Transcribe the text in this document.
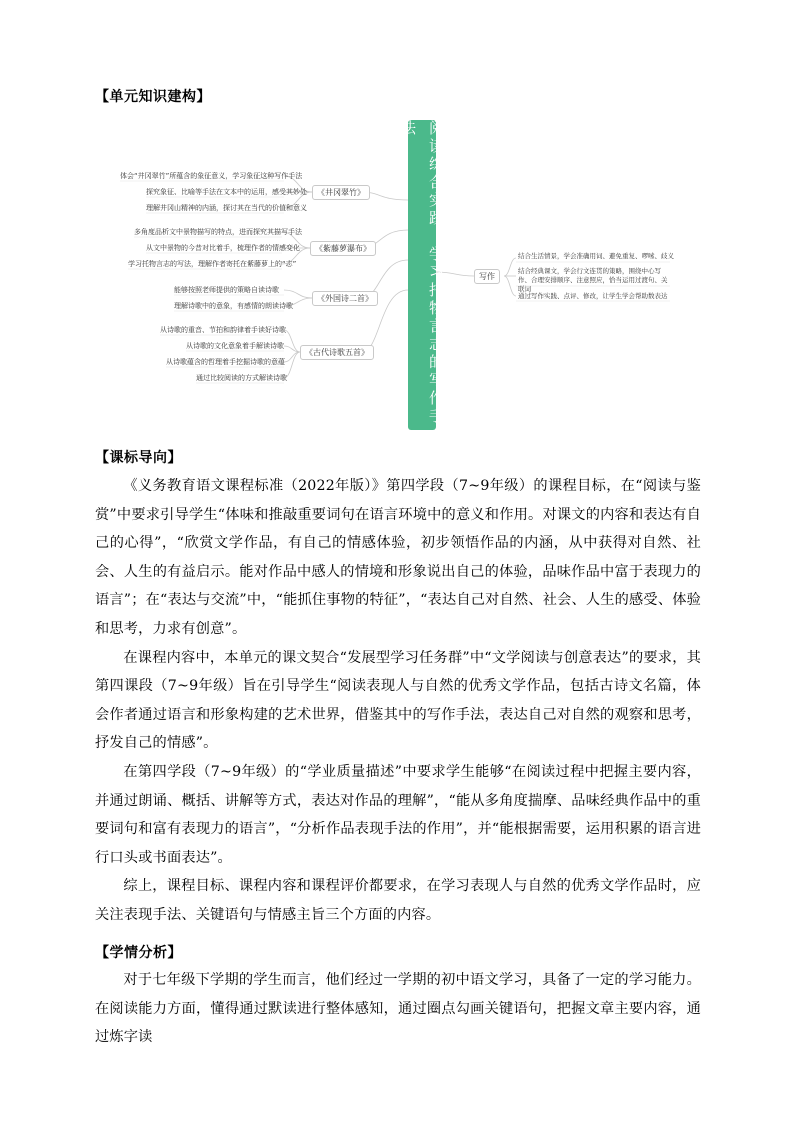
【单元知识建构】
阅读综合实践；学习托物言志的写作手法
《井冈翠竹》
体会“井冈翠竹”所蕴含的象征意义，学习象征这种写作手法
探究象征、比喻等手法在文本中的运用，感受其妙处
理解井冈山精神的内涵，探讨其在当代的价值和意义
《紫藤萝瀑布》
多角度品析文中景物描写的特点，进而探究其描写手法
从文中景物的今昔对比着手，梳理作者的情感变化
学习托物言志的写法，理解作者寄托在紫藤萝上的“志”
《外国诗二首》
能够按照老师提供的策略自读诗歌
理解诗歌中的意象，有感情的朗读诗歌
《古代诗歌五首》
从诗歌的重音、节拍和韵律着手读好诗歌
从诗歌的文化意象着手解读诗歌
从诗歌蕴含的哲理着手挖掘诗歌的意蕴
通过比较阅读的方式解读诗歌
写作
结合生活情景，学会准确用词、避免重复、啰嗦、歧义
结合经典课文，学会行文连贯的策略，围绕中心写作、合理安排顺序、注意照应，恰当运用过渡句、关联词
通过写作实践、点评、修改，让学生学会帮助数表达
【课标导向】

《义务教育语文课程标准（2022年版）》第四学段（7~9年级）的课程目标，在“阅读与鉴赏”中要求引导学生“体味和推敲重要词句在语言环境中的意义和作用。对课文的内容和表达有自己的心得”，“欣赏文学作品，有自己的情感体验，初步领悟作品的内涵，从中获得对自然、社会、人生的有益启示。能对作品中感人的情境和形象说出自己的体验，品味作品中富于表现力的语言”；在“表达与交流”中，“能抓住事物的特征”，“表达自己对自然、社会、人生的感受、体验和思考，力求有创意”。

在课程内容中，本单元的课文契合“发展型学习任务群”中“文学阅读与创意表达”的要求，其第四课段（7~9年级）旨在引导学生“阅读表现人与自然的优秀文学作品，包括古诗文名篇，体会作者通过语言和形象构建的艺术世界，借鉴其中的写作手法，表达自己对自然的观察和思考，抒发自己的情感”。

在第四学段（7~9年级）的“学业质量描述”中要求学生能够“在阅读过程中把握主要内容，并通过朗诵、概括、讲解等方式，表达对作品的理解”，“能从多角度揣摩、品味经典作品中的重要词句和富有表现力的语言”，“分析作品表现手法的作用”，并“能根据需要，运用积累的语言进行口头或书面表达”。

综上，课程目标、课程内容和课程评价都要求，在学习表现人与自然的优秀文学作品时，应关注表现手法、关键语句与情感主旨三个方面的内容。

【学情分析】

对于七年级下学期的学生而言，他们经过一学期的初中语文学习，具备了一定的学习能力。在阅读能力方面，懂得通过默读进行整体感知，通过圈点勾画关键语句，把握文章主要内容，通过炼字读
